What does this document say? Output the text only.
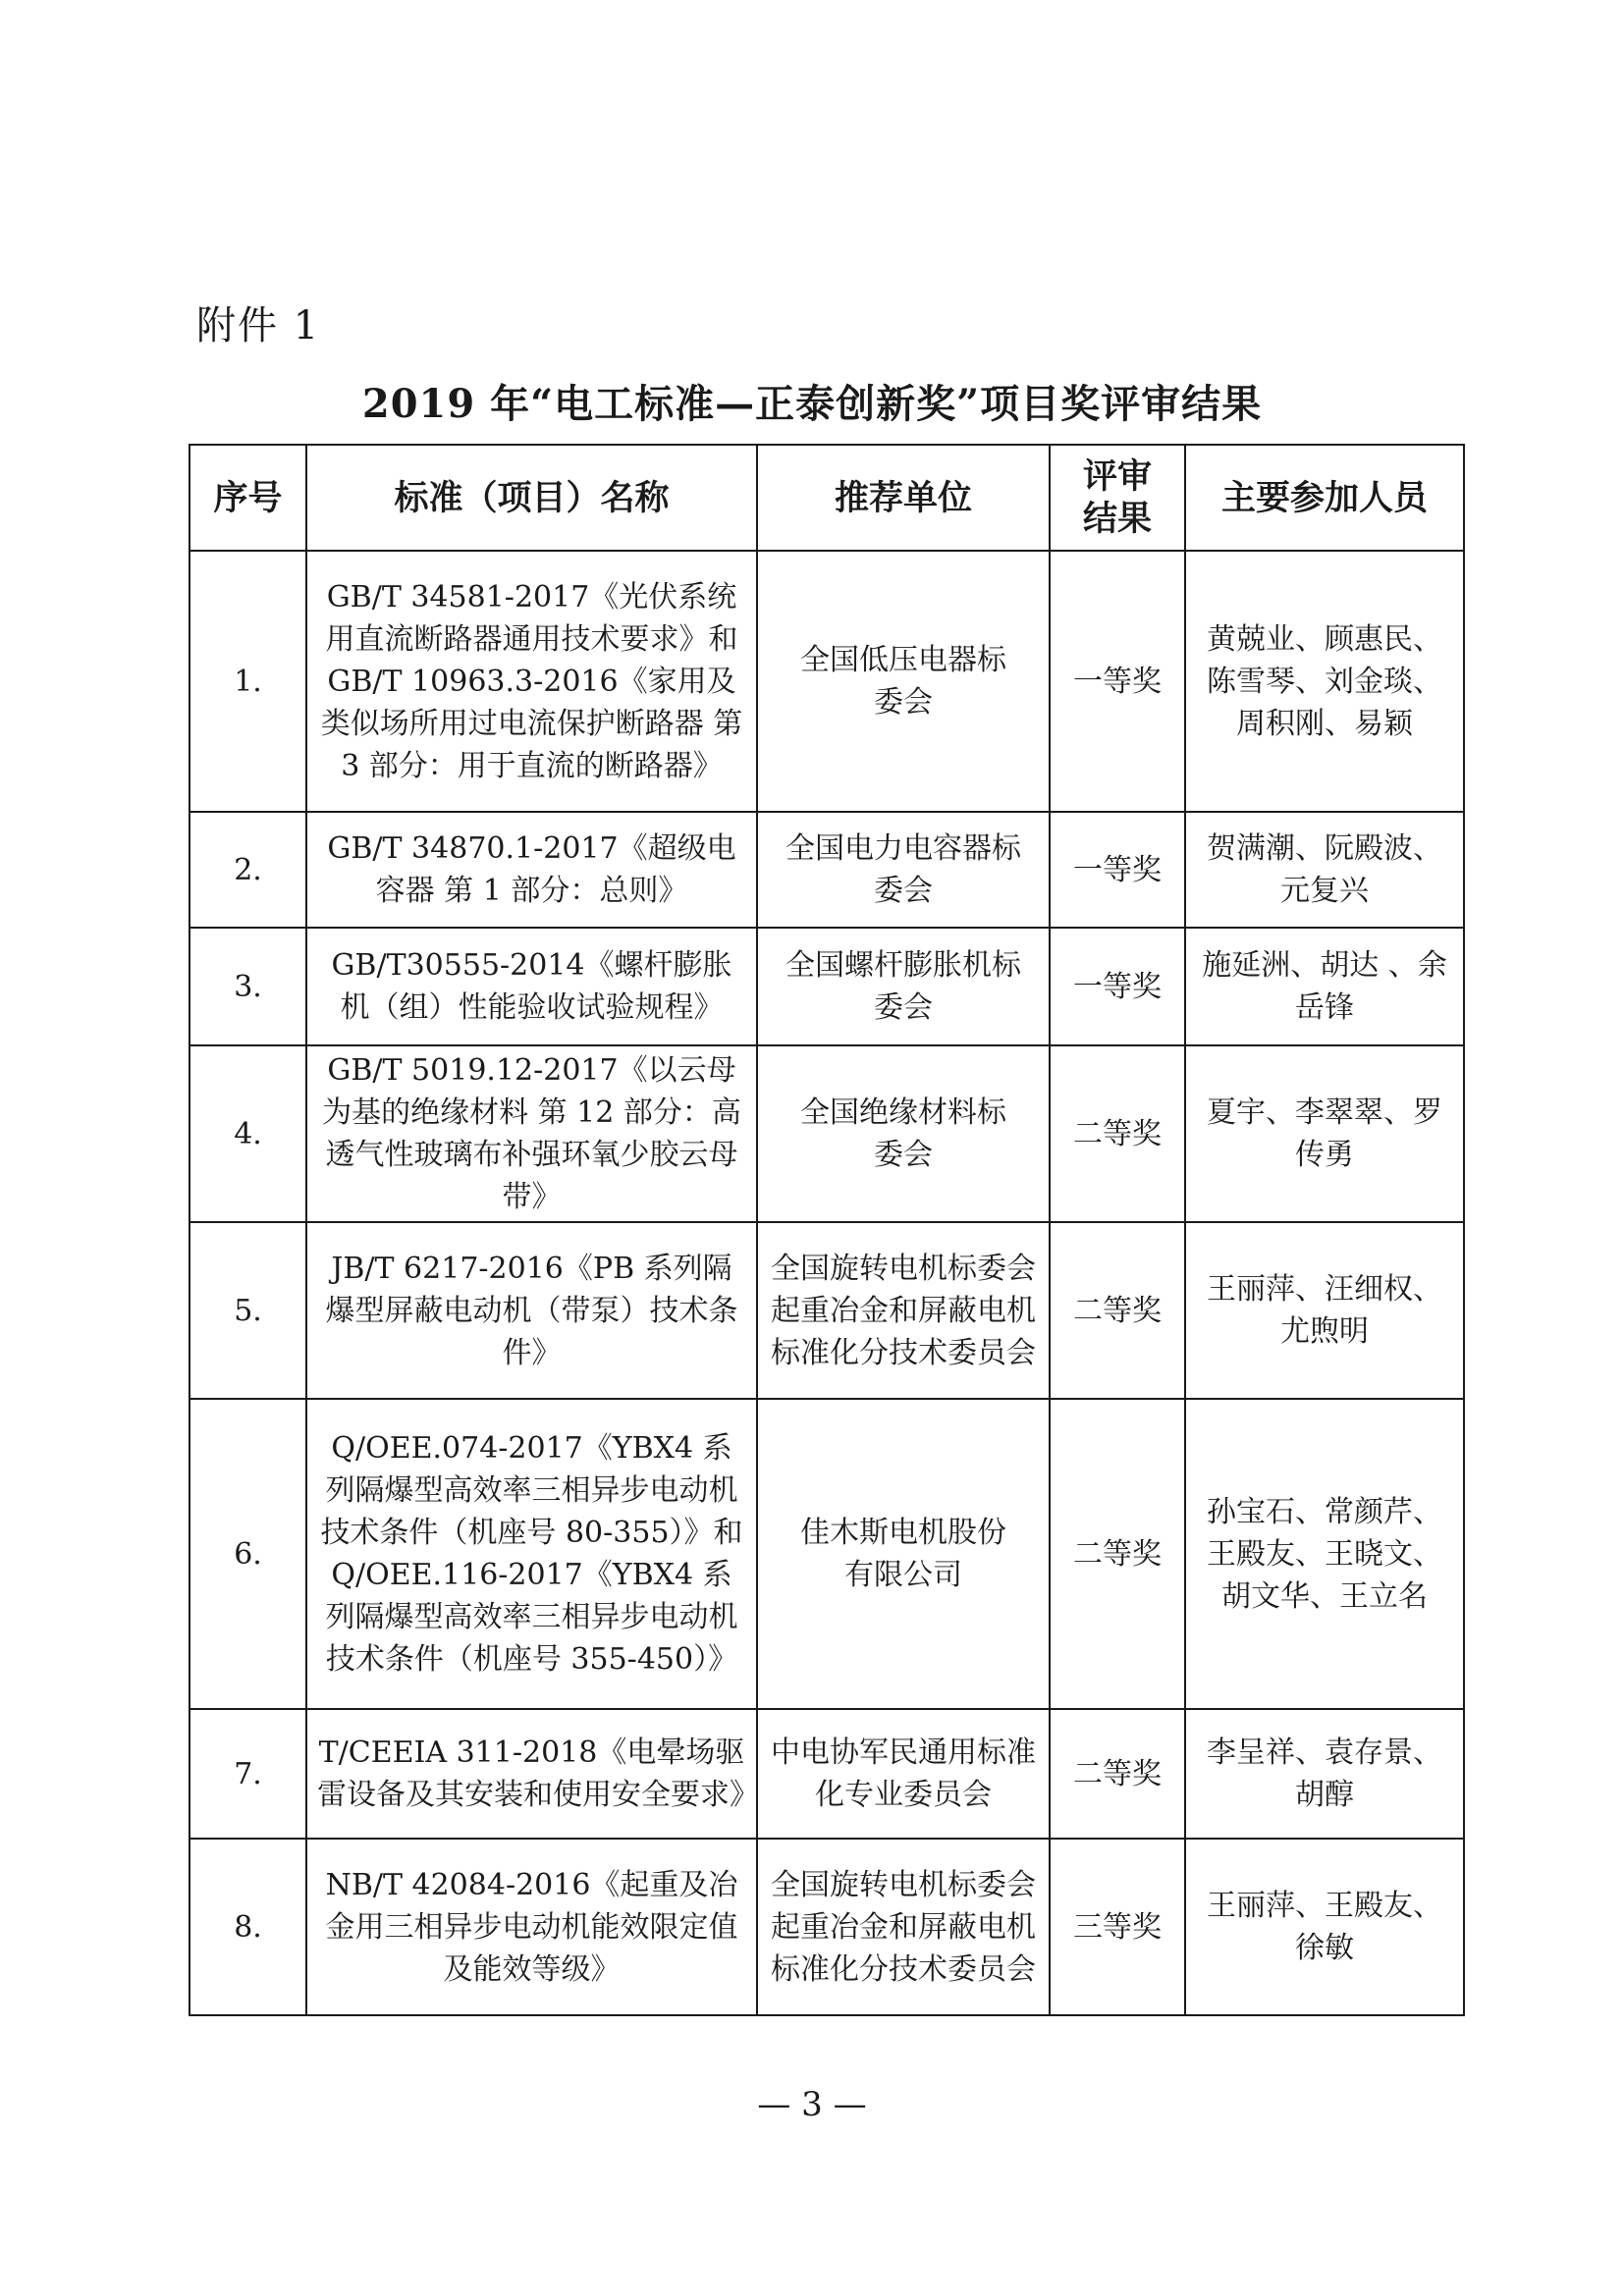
附件 1
2019 年“电工标准—正泰创新奖”项目奖评审结果
序号	标准（项目）名称	推荐单位	评审结果	主要参加人员
1.	GB/T 34581-2017《光伏系统用直流断路器通用技术要求》和 GB/T 10963.3-2016《家用及类似场所用过电流保护断路器 第 3 部分：用于直流的断路器》	全国低压电器标委会	一等奖	黄兢业、顾惠民、陈雪琴、刘金琰、周积刚、易颖
2.	GB/T 34870.1-2017《超级电容器 第 1 部分：总则》	全国电力电容器标委会	一等奖	贺满潮、阮殿波、元复兴
3.	GB/T30555-2014《螺杆膨胀机（组）性能验收试验规程》	全国螺杆膨胀机标委会	一等奖	施延洲、胡达 、余岳锋
4.	GB/T 5019.12-2017《以云母为基的绝缘材料 第 12 部分：高透气性玻璃布补强环氧少胶云母带》	全国绝缘材料标委会	二等奖	夏宇、李翠翠、罗传勇
5.	JB/T 6217-2016《PB 系列隔爆型屏蔽电动机（带泵）技术条件》	全国旋转电机标委会起重冶金和屏蔽电机标准化分技术委员会	二等奖	王丽萍、汪细权、尤煦明
6.	Q/OEE.074-2017《YBX4 系列隔爆型高效率三相异步电动机技术条件（机座号 80-355）》和 Q/OEE.116-2017《YBX4 系列隔爆型高效率三相异步电动机技术条件（机座号 355-450）》	佳木斯电机股份有限公司	二等奖	孙宝石、常颜芹、王殿友、王晓文、胡文华、王立名
7.	T/CEEIA 311-2018《电晕场驱雷设备及其安装和使用安全要求》	中电协军民通用标准化专业委员会	二等奖	李呈祥、袁存景、胡醇
8.	NB/T 42084-2016《起重及冶金用三相异步电动机能效限定值及能效等级》	全国旋转电机标委会起重冶金和屏蔽电机标准化分技术委员会	三等奖	王丽萍、王殿友、徐敏
— 3 —
